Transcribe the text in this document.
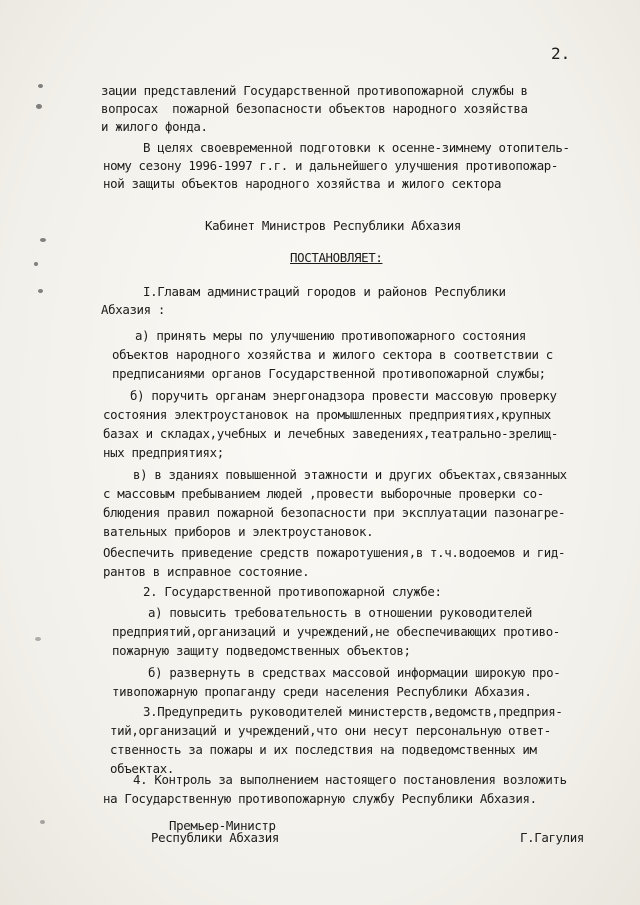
2.
зации представлений Государственной противопожарной службы в
вопросах  пожарной безопасности объектов народного хозяйства
и жилого фонда.
В целях своевременной подготовки к осенне-зимнему отопитель-
ному сезону 1996-1997 г.г. и дальнейшего улучшения противопожар-
ной защиты объектов народного хозяйства и жилого сектора
Кабинет Министров Республики Абхазия
ПОСТАНОВЛЯЕТ:
I.Главам администраций городов и районов Республики
Абхазия :
а) принять меры по улучшению противопожарного состояния
объектов народного хозяйства и жилого сектора в соответствии с
предписаниями органов Государственной противопожарной службы;
б) поручить органам энергонадзора провести массовую проверку
состояния электроустановок на промышленных предприятиях,крупных
базах и складах,учебных и лечебных заведениях,театрально-зрелищ-
ных предприятиях;
в) в зданиях повышенной этажности и других объектах,связанных
с массовым пребыванием людей ,провести выборочные проверки со-
блюдения правил пожарной безопасности при эксплуатации пазонагре-
вательных приборов и электроустановок.
Обеспечить приведение средств пожаротушения,в т.ч.водоемов и гид-
рантов в исправное состояние.
2. Государственной противопожарной службе:
а) повысить требовательность в отношении руководителей
предприятий,организаций и учреждений,не обеспечивающих противо-
пожарную защиту подведомственных объектов;
б) развернуть в средствах массовой информации широкую про-
тивопожарную пропаганду среди населения Республики Абхазия.
3.Предупредить руководителей министерств,ведомств,предприя-
тий,организаций и учреждений,что они несут персональную ответ-
ственность за пожары и их последствия на подведомственных им
объектах.
4. Контроль за выполнением настоящего постановления возложить
на Государственную противопожарную службу Республики Абхазия.
Премьер-Министр
Республики Абхазия	Г.Гагулия
